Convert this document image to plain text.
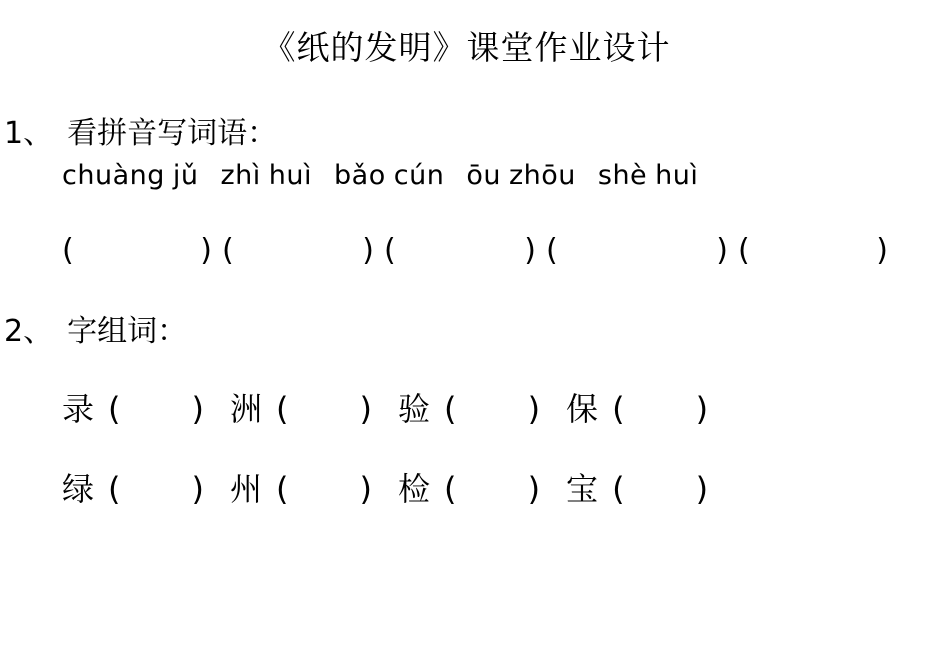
《纸的发明》课堂作业设计
1、 看拼音写词语：
chuàng jǔ zhì huì bǎo cún ōu zhōu shè huì
(	) (	) (	) (	) (	)
2、 字组词：
录 ( ) 洲 ( ) 验 ( ) 保 ( )
绿 ( ) 州 ( ) 检 ( ) 宝 ( )
